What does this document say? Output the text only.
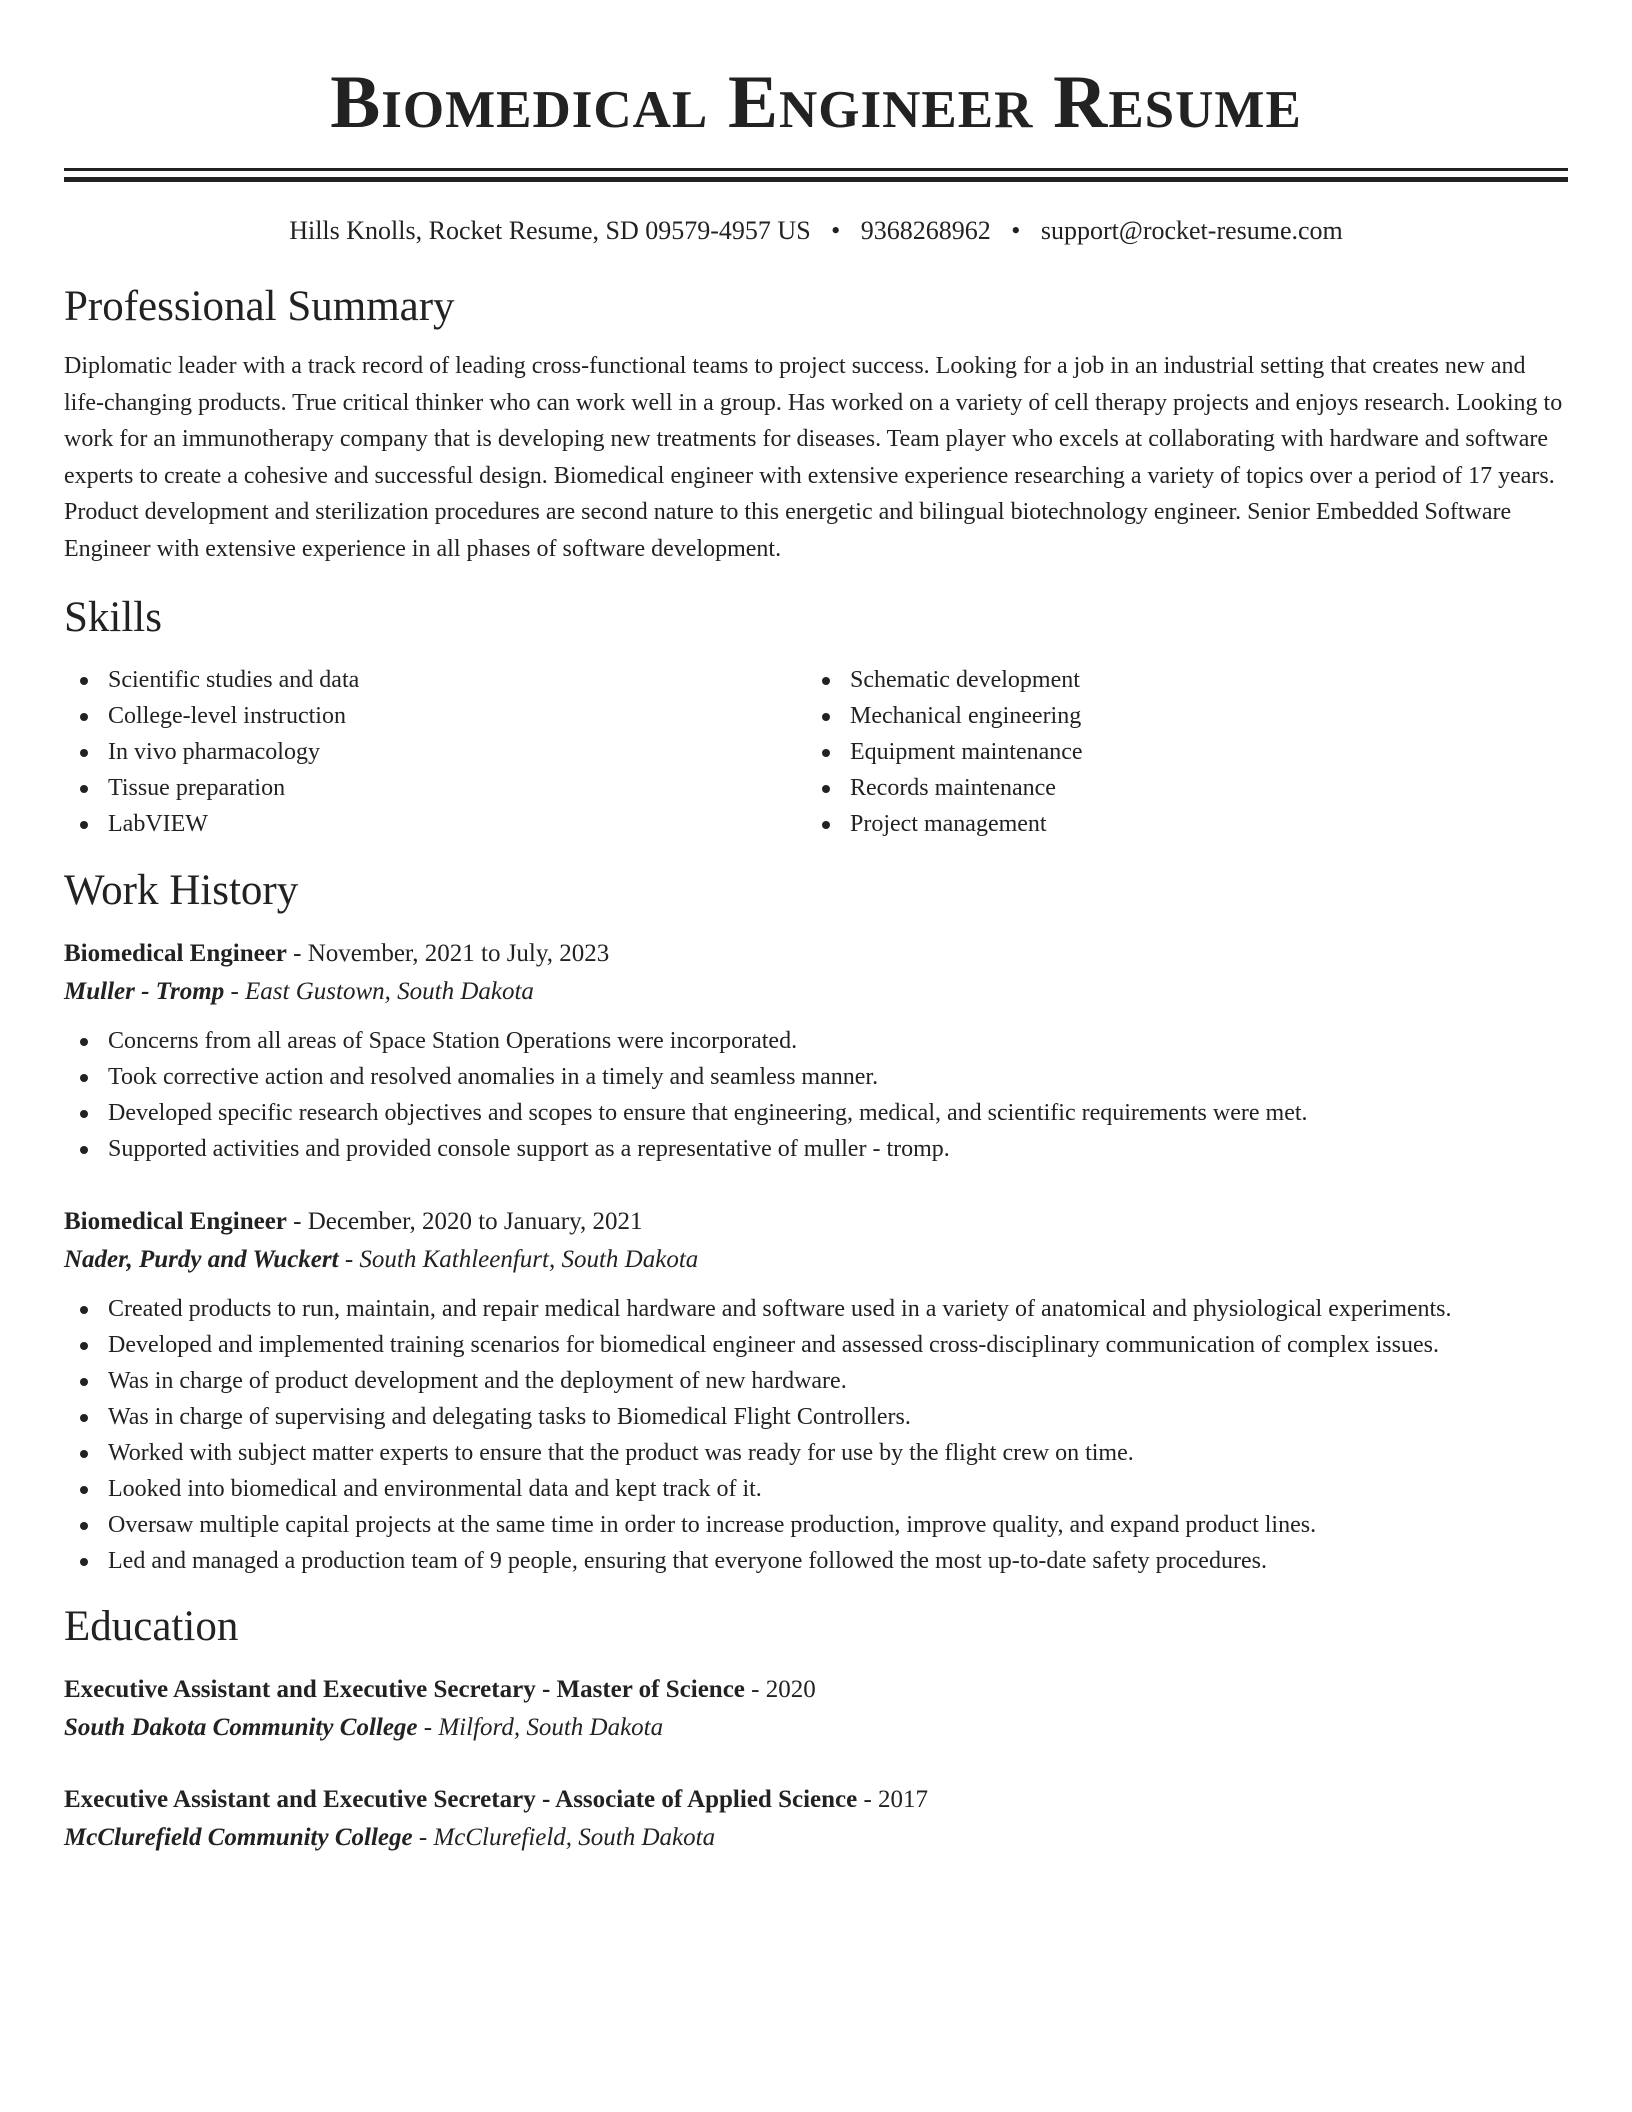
Biomedical Engineer Resume
Hills Knolls, Rocket Resume, SD 09579-4957 US • 9368268962 • support@rocket-resume.com
Professional Summary

Diplomatic leader with a track record of leading cross-functional teams to project success. Looking for a job in an industrial setting that creates new and life-changing products. True critical thinker who can work well in a group. Has worked on a variety of cell therapy projects and enjoys research. Looking to work for an immunotherapy company that is developing new treatments for diseases. Team player who excels at collaborating with hardware and software experts to create a cohesive and successful design. Biomedical engineer with extensive experience researching a variety of topics over a period of 17 years. Product development and sterilization procedures are second nature to this energetic and bilingual biotechnology engineer. Senior Embedded Software Engineer with extensive experience in all phases of software development.

Skills
Scientific studies and data
College-level instruction
In vivo pharmacology
Tissue preparation
LabVIEW
Schematic development
Mechanical engineering
Equipment maintenance
Records maintenance
Project management
Work History
Biomedical Engineer - November, 2021 to July, 2023
Muller - Tromp - East Gustown, South Dakota
Concerns from all areas of Space Station Operations were incorporated.
Took corrective action and resolved anomalies in a timely and seamless manner.
Developed specific research objectives and scopes to ensure that engineering, medical, and scientific requirements were met.
Supported activities and provided console support as a representative of muller - tromp.
Biomedical Engineer - December, 2020 to January, 2021
Nader, Purdy and Wuckert - South Kathleenfurt, South Dakota
Created products to run, maintain, and repair medical hardware and software used in a variety of anatomical and physiological experiments.
Developed and implemented training scenarios for biomedical engineer and assessed cross-disciplinary communication of complex issues.
Was in charge of product development and the deployment of new hardware.
Was in charge of supervising and delegating tasks to Biomedical Flight Controllers.
Worked with subject matter experts to ensure that the product was ready for use by the flight crew on time.
Looked into biomedical and environmental data and kept track of it.
Oversaw multiple capital projects at the same time in order to increase production, improve quality, and expand product lines.
Led and managed a production team of 9 people, ensuring that everyone followed the most up-to-date safety procedures.
Education
Executive Assistant and Executive Secretary - Master of Science - 2020
South Dakota Community College - Milford, South Dakota
Executive Assistant and Executive Secretary - Associate of Applied Science - 2017
McClurefield Community College - McClurefield, South Dakota
